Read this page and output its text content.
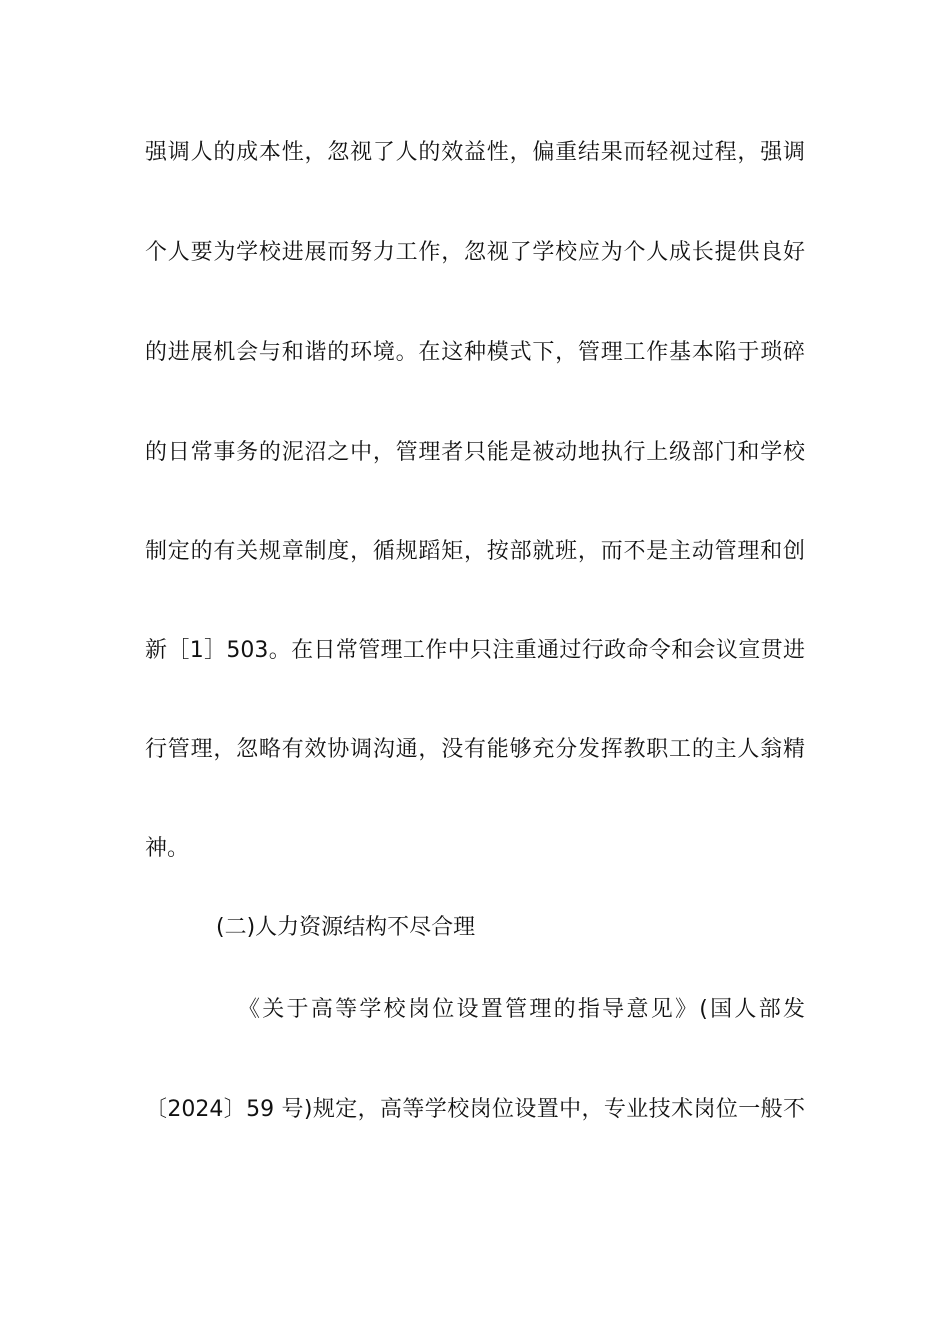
强调人的成本性，忽视了人的效益性，偏重结果而轻视过程，强调
个人要为学校进展而努力工作，忽视了学校应为个人成长提供良好
的进展机会与和谐的环境。在这种模式下，管理工作基本陷于琐碎
的日常事务的泥沼之中，管理者只能是被动地执行上级部门和学校
制定的有关规章制度，循规蹈矩，按部就班，而不是主动管理和创
新［1］503。在日常管理工作中只注重通过行政命令和会议宣贯进
行管理，忽略有效协调沟通，没有能够充分发挥教职工的主人翁精
神。
(二)人力资源结构不尽合理
《关于高等学校岗位设置管理的指导意见》(国人部发
〔2024〕59 号)规定，高等学校岗位设置中，专业技术岗位一般不
